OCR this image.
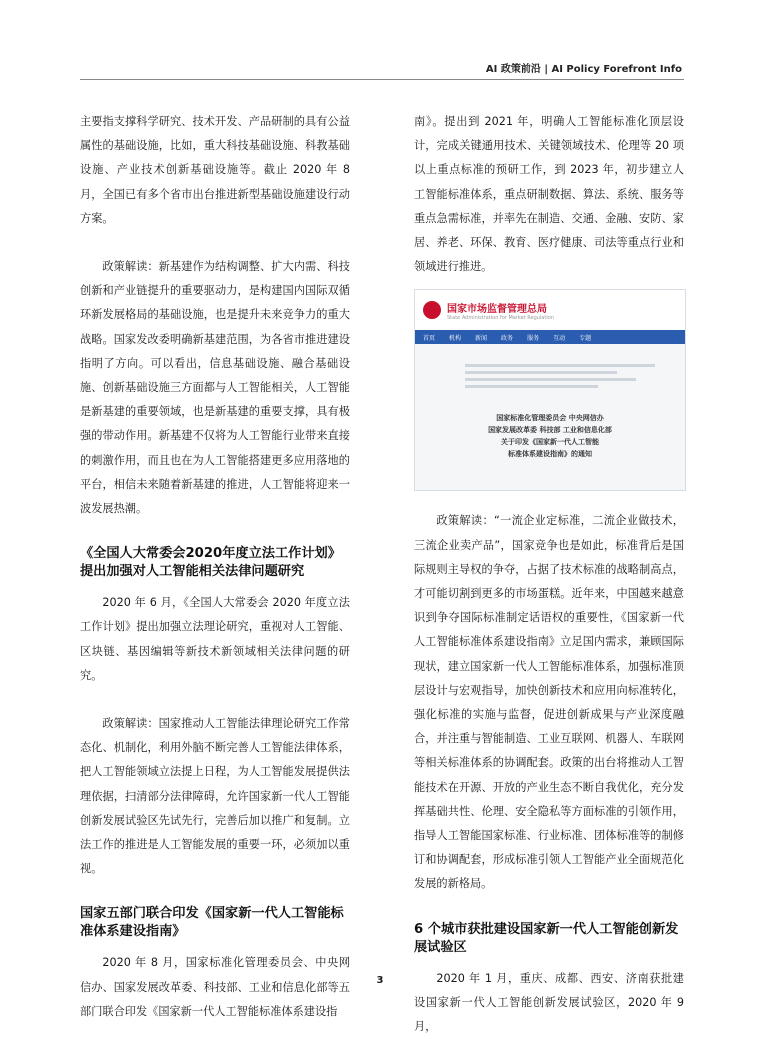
AI 政策前沿 | AI Policy Forefront Info

主要指支撑科学研究、技术开发、产品研制的具有公益属性的基础设施，比如，重大科技基础设施、科教基础设施、产业技术创新基础设施等。截止 2020 年 8 月，全国已有多个省市出台推进新型基础设施建设行动方案。

政策解读：新基建作为结构调整、扩大内需、科技创新和产业链提升的重要驱动力，是构建国内国际双循环新发展格局的基础设施，也是提升未来竞争力的重大战略。国家发改委明确新基建范围，为各省市推进建设指明了方向。可以看出，信息基础设施、融合基础设施、创新基础设施三方面都与人工智能相关，人工智能是新基建的重要领域，也是新基建的重要支撑，具有极强的带动作用。新基建不仅将为人工智能行业带来直接的刺激作用，而且也在为人工智能搭建更多应用落地的平台，相信未来随着新基建的推进，人工智能将迎来一波发展热潮。

《全国人大常委会2020年度立法工作计划》提出加强对人工智能相关法律问题研究

2020 年 6 月，《全国人大常委会 2020 年度立法工作计划》提出加强立法理论研究，重视对人工智能、区块链、基因编辑等新技术新领域相关法律问题的研究。

政策解读：国家推动人工智能法律理论研究工作常态化、机制化，利用外脑不断完善人工智能法律体系，把人工智能领域立法提上日程，为人工智能发展提供法理依据，扫清部分法律障碍，允许国家新一代人工智能创新发展试验区先试先行，完善后加以推广和复制。立法工作的推进是人工智能发展的重要一环，必须加以重视。

国家五部门联合印发《国家新一代人工智能标准体系建设指南》

2020 年 8 月，国家标准化管理委员会、中央网信办、国家发展改革委、科技部、工业和信息化部等五部门联合印发《国家新一代人工智能标准体系建设指

南》。提出到 2021 年，明确人工智能标准化顶层设计，完成关键通用技术、关键领域技术、伦理等 20 项以上重点标准的预研工作，到 2023 年，初步建立人工智能标准体系，重点研制数据、算法、系统、服务等重点急需标准，并率先在制造、交通、金融、安防、家居、养老、环保、教育、医疗健康、司法等重点行业和领域进行推进。

国家市场监督管理总局
State Administration for Market Regulation
首页 机构 新闻 政务 服务 互动 专题
国家标准化管理委员会 中央网信办
国家发展改革委 科技部 工业和信息化部
关于印发《国家新一代人工智能
标准体系建设指南》的通知

政策解读：“一流企业定标准，二流企业做技术，三流企业卖产品”，国家竞争也是如此，标准背后是国际规则主导权的争夺，占据了技术标准的战略制高点，才可能切割到更多的市场蛋糕。近年来，中国越来越意识到争夺国际标准制定话语权的重要性，《国家新一代人工智能标准体系建设指南》立足国内需求，兼顾国际现状，建立国家新一代人工智能标准体系，加强标准顶层设计与宏观指导，加快创新技术和应用向标准转化，强化标准的实施与监督，促进创新成果与产业深度融合，并注重与智能制造、工业互联网、机器人、车联网等相关标准体系的协调配套。政策的出台将推动人工智能技术在开源、开放的产业生态不断自我优化，充分发挥基础共性、伦理、安全隐私等方面标准的引领作用，指导人工智能国家标准、行业标准、团体标准等的制修订和协调配套，形成标准引领人工智能产业全面规范化发展的新格局。

6 个城市获批建设国家新一代人工智能创新发展试验区

2020 年 1 月，重庆、成都、西安、济南获批建设国家新一代人工智能创新发展试验区，2020 年 9 月，

3
